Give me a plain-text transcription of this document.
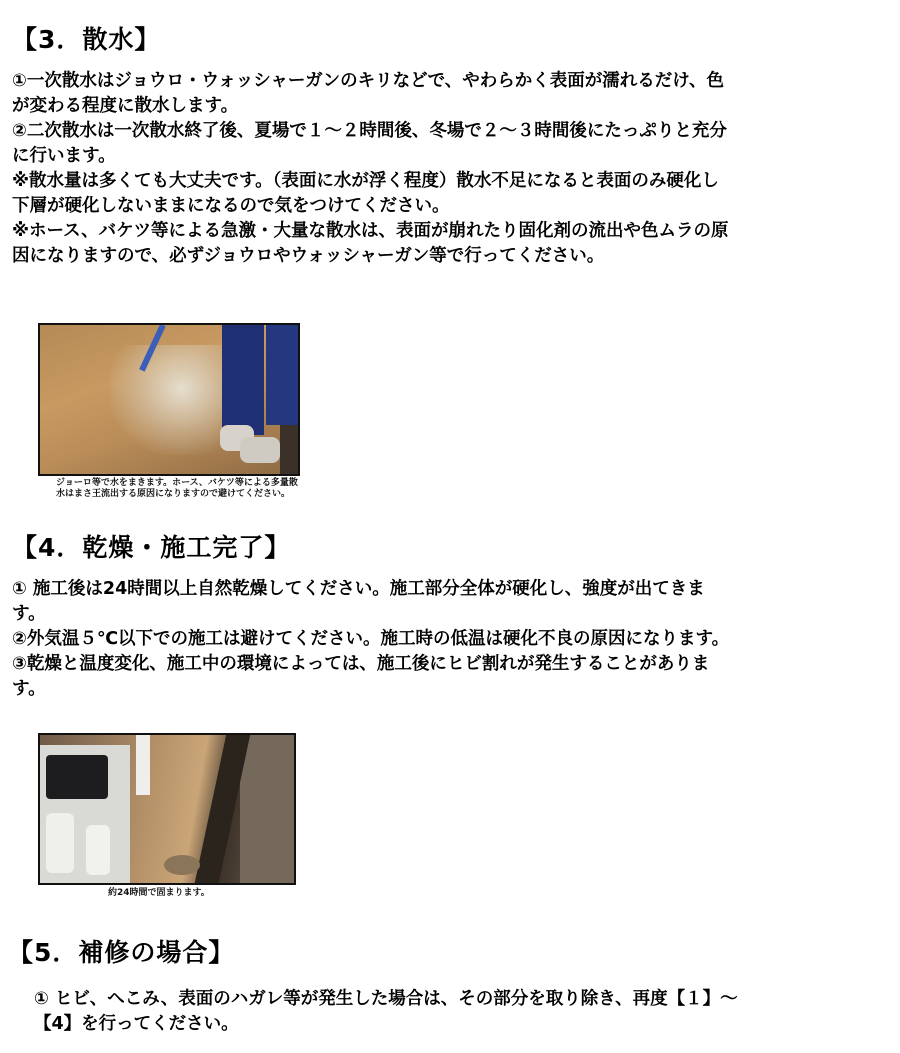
【3．散水】
①一次散水はジョウロ・ウォッシャーガンのキリなどで、やわらかく表面が濡れるだけ、色
が変わる程度に散水します。
②二次散水は一次散水終了後、夏場で１～２時間後、冬場で２～３時間後にたっぷりと充分
に行います。
※散水量は多くても大丈夫です。（表面に水が浮く程度）散水不足になると表面のみ硬化し
下層が硬化しないままになるので気をつけてください。
※ホース、バケツ等による急激・大量な散水は、表面が崩れたり固化剤の流出や色ムラの原
因になりますので、必ずジョウロやウォッシャーガン等で行ってください。
ジョーロ等で水をまきます。ホース、バケツ等による多量散
水はまさ王流出する原因になりますので避けてください。
【4．乾燥・施工完了】
① 施工後は24時間以上自然乾燥してください。施工部分全体が硬化し、強度が出てきま
す。
②外気温５℃以下での施工は避けてください。施工時の低温は硬化不良の原因になります。
③乾燥と温度変化、施工中の環境によっては、施工後にヒビ割れが発生することがありま
す。
約24時間で固まります。
【5．補修の場合】
① ヒビ、へこみ、表面のハガレ等が発生した場合は、その部分を取り除き、再度【１】～
【4】を行ってください。
